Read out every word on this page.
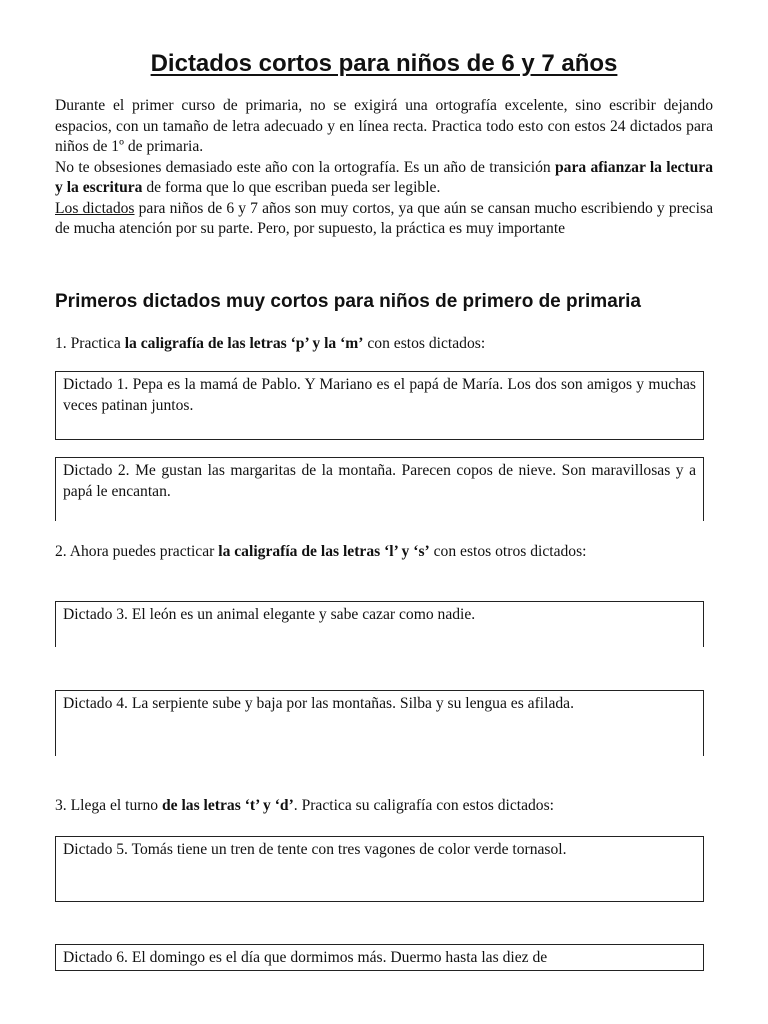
Dictados cortos para niños de 6 y 7 años

Durante el primer curso de primaria, no se exigirá una ortografía excelente, sino escribir dejando espacios, con un tamaño de letra adecuado y en línea recta. Practica todo esto con estos 24 dictados para niños de 1º de primaria.

No te obsesiones demasiado este año con la ortografía. Es un año de transición para afianzar la lectura y la escritura de forma que lo que escriban pueda ser legible.

Los dictados para niños de 6 y 7 años son muy cortos, ya que aún se cansan mucho escribiendo y precisa de mucha atención por su parte. Pero, por supuesto, la práctica es muy importante

Primeros dictados muy cortos para niños de primero de primaria

1. Practica la caligrafía de las letras ‘p’ y la ‘m’ con estos dictados:

Dictado 1. Pepa es la mamá de Pablo. Y Mariano es el papá de María. Los dos son amigos y muchas veces patinan juntos.
Dictado 2. Me gustan las margaritas de la montaña. Parecen copos de nieve. Son maravillosas y a papá le encantan.

2. Ahora puedes practicar la caligrafía de las letras ‘l’ y ‘s’ con estos otros dictados:

Dictado 3. El león es un animal elegante y sabe cazar como nadie.
Dictado 4. La serpiente sube y baja por las montañas. Silba y su lengua es afilada.

3. Llega el turno de las letras ‘t’ y ‘d’. Practica su caligrafía con estos dictados:

Dictado 5. Tomás tiene un tren de tente con tres vagones de color verde tornasol.
Dictado 6. El domingo es el día que dormimos más. Duermo hasta las diez de
